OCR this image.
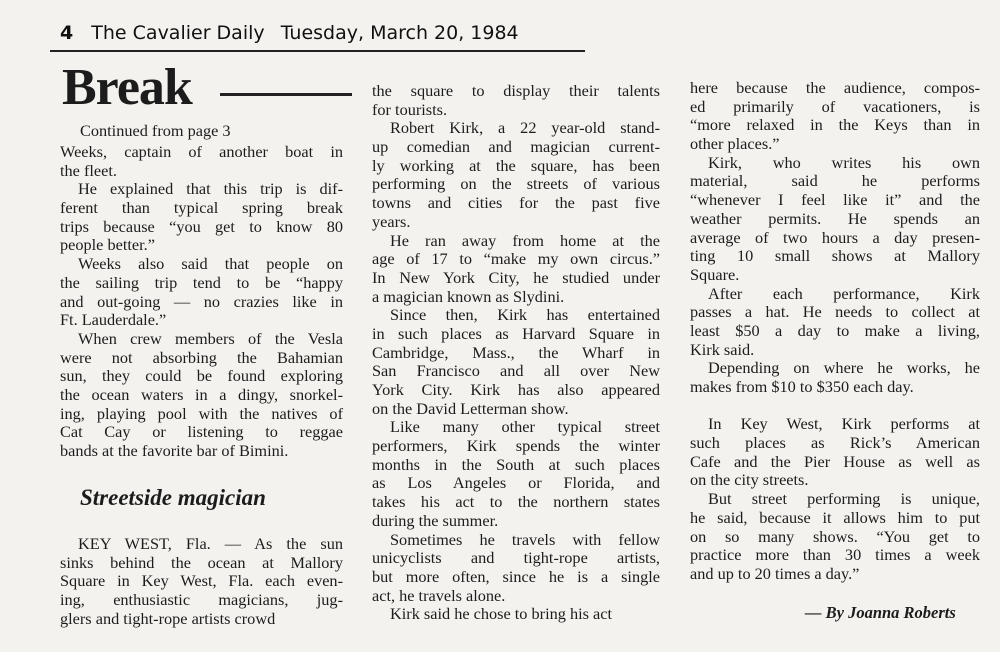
4 The Cavalier Daily Tuesday, March 20, 1984
Break
Continued from page 3
Weeks, captain of another boat in
the fleet.
He explained that this trip is dif-
ferent than typical spring break
trips because “you get to know 80
people better.”
Weeks also said that people on
the sailing trip tend to be “happy
and out-going — no crazies like in
Ft. Lauderdale.”
When crew members of the Vesla
were not absorbing the Bahamian
sun, they could be found exploring
the ocean waters in a dingy, snorkel-
ing, playing pool with the natives of
Cat Cay or listening to reggae
bands at the favorite bar of Bimini.
Streetside magician
KEY WEST, Fla. — As the sun
sinks behind the ocean at Mallory
Square in Key West, Fla. each even-
ing, enthusiastic magicians, jug-
glers and tight-rope artists crowd
the square to display their talents
for tourists.
Robert Kirk, a 22 year-old stand-
up comedian and magician current-
ly working at the square, has been
performing on the streets of various
towns and cities for the past five
years.
He ran away from home at the
age of 17 to “make my own circus.”
In New York City, he studied under
a magician known as Slydini.
Since then, Kirk has entertained
in such places as Harvard Square in
Cambridge, Mass., the Wharf in
San Francisco and all over New
York City. Kirk has also appeared
on the David Letterman show.
Like many other typical street
performers, Kirk spends the winter
months in the South at such places
as Los Angeles or Florida, and
takes his act to the northern states
during the summer.
Sometimes he travels with fellow
unicyclists and tight-rope artists,
but more often, since he is a single
act, he travels alone.
Kirk said he chose to bring his act
here because the audience, compos-
ed primarily of vacationers, is
“more relaxed in the Keys than in
other places.”
Kirk, who writes his own
material, said he performs
“whenever I feel like it” and the
weather permits. He spends an
average of two hours a day presen-
ting 10 small shows at Mallory
Square.
After each performance, Kirk
passes a hat. He needs to collect at
least $50 a day to make a living,
Kirk said.
Depending on where he works, he
makes from $10 to $350 each day.
In Key West, Kirk performs at
such places as Rick’s American
Cafe and the Pier House as well as
on the city streets.
But street performing is unique,
he said, because it allows him to put
on so many shows. “You get to
practice more than 30 times a week
and up to 20 times a day.”
— By Joanna Roberts
